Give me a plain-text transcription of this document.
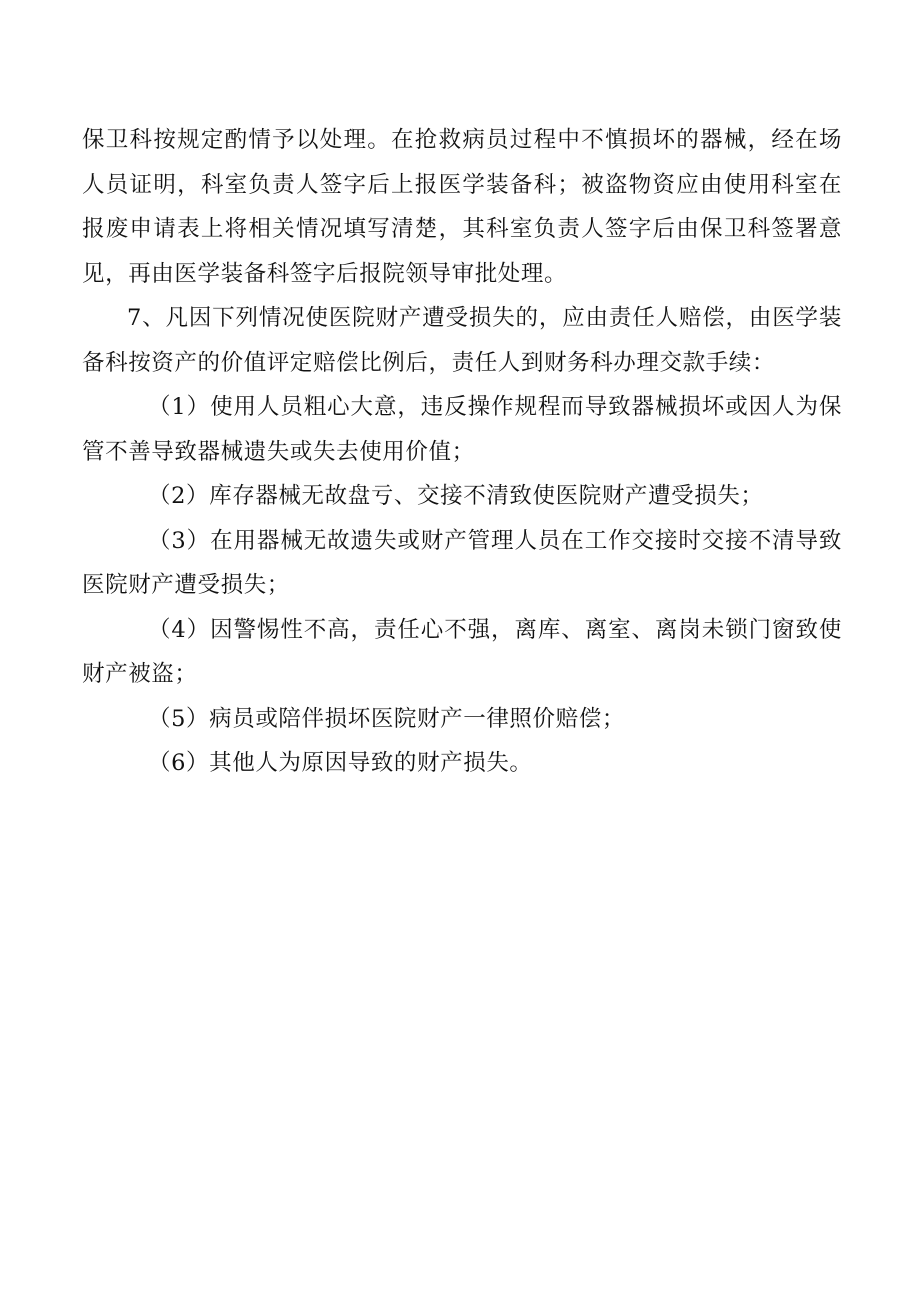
保卫科按规定酌情予以处理。在抢救病员过程中不慎损坏的器械，经在场人员证明，科室负责人签字后上报医学装备科；被盗物资应由使用科室在报废申请表上将相关情况填写清楚，其科室负责人签字后由保卫科签署意见，再由医学装备科签字后报院领导审批处理。

7、凡因下列情况使医院财产遭受损失的，应由责任人赔偿，由医学装备科按资产的价值评定赔偿比例后，责任人到财务科办理交款手续：

（1）使用人员粗心大意，违反操作规程而导致器械损坏或因人为保管不善导致器械遗失或失去使用价值；

（2）库存器械无故盘亏、交接不清致使医院财产遭受损失；

（3）在用器械无故遗失或财产管理人员在工作交接时交接不清导致医院财产遭受损失；

（4）因警惕性不高，责任心不强，离库、离室、离岗未锁门窗致使财产被盗；

（5）病员或陪伴损坏医院财产一律照价赔偿；

（6）其他人为原因导致的财产损失。
